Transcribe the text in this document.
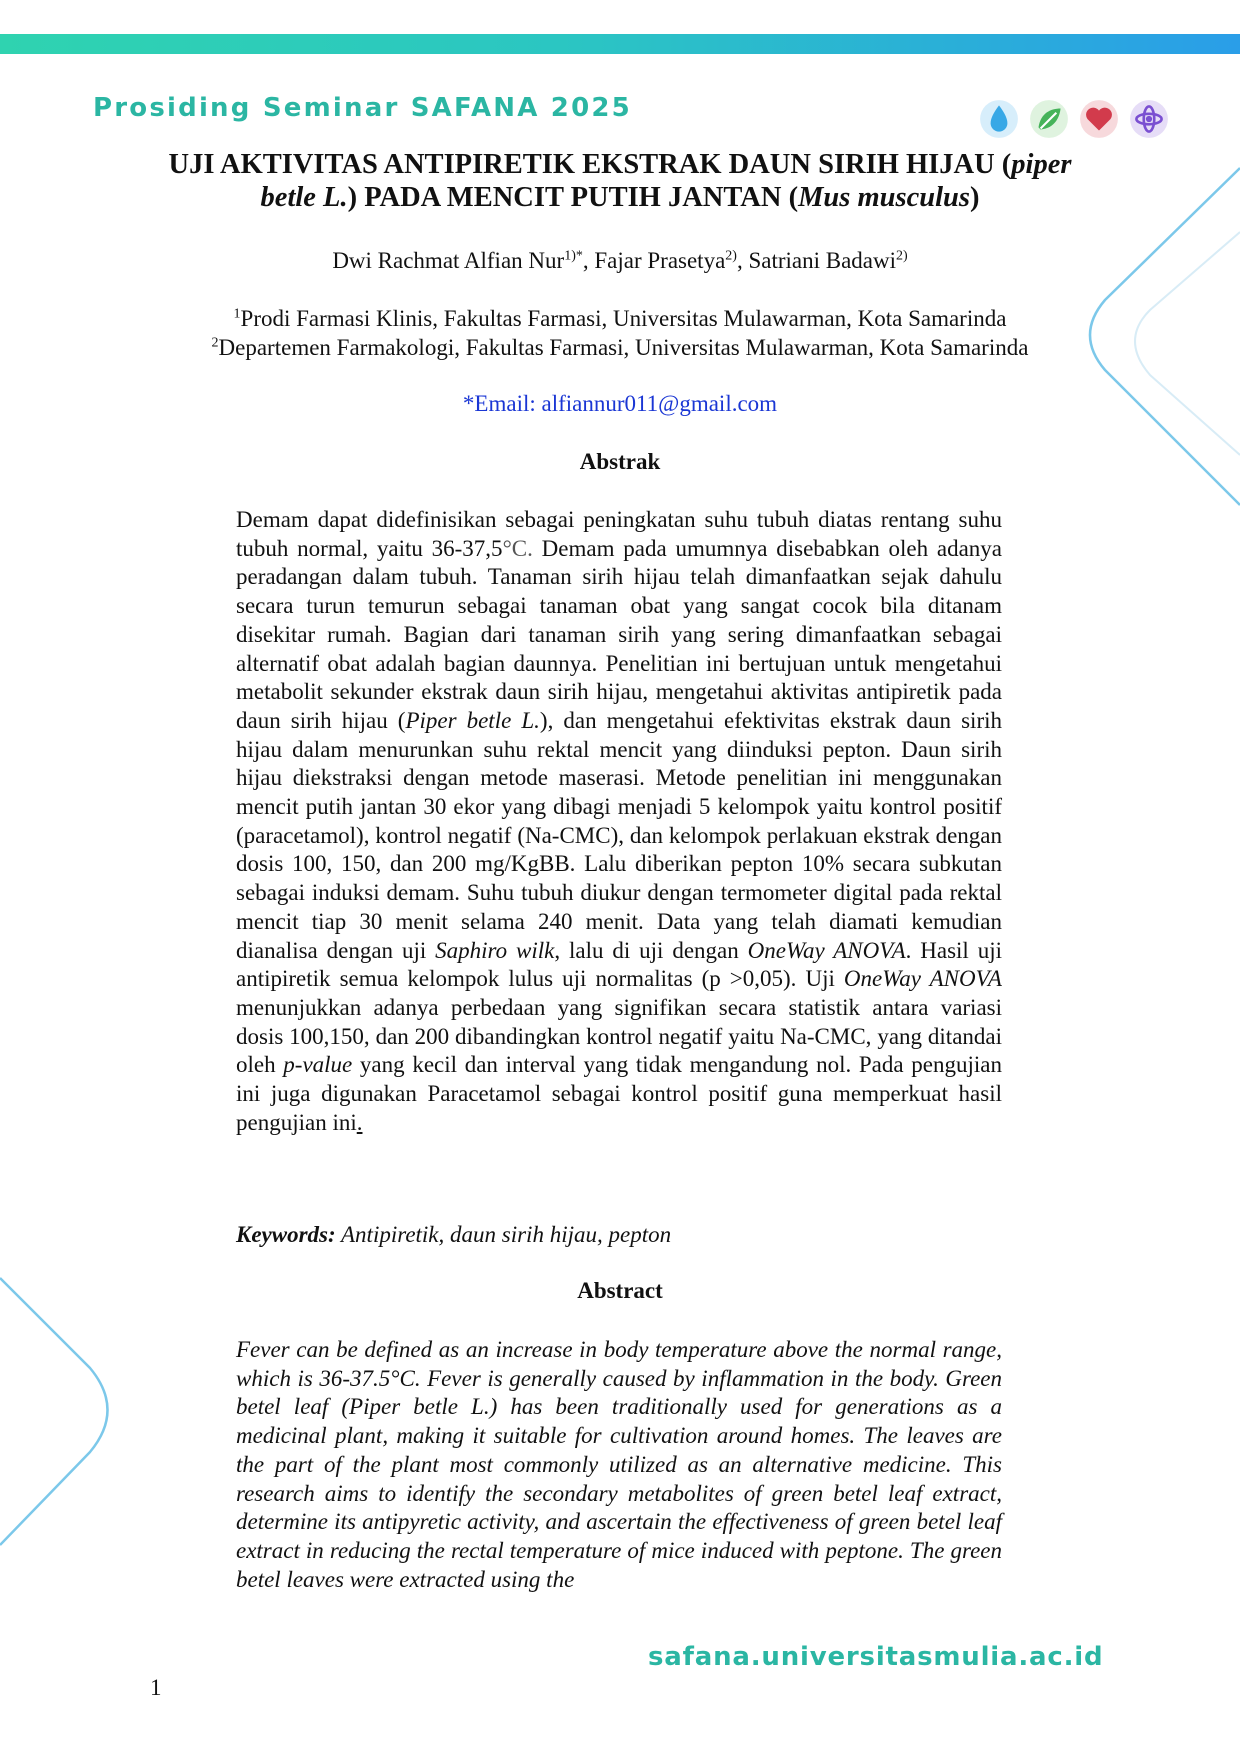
Prosiding Seminar SAFANA 2025
UJI AKTIVITAS ANTIPIRETIK EKSTRAK DAUN SIRIH HIJAU (piper
betle L.) PADA MENCIT PUTIH JANTAN (Mus musculus)
Dwi Rachmat Alfian Nur$^{1)*}$, Fajar Prasetya$^{2)}$, Satriani Badawi$^{2)}$
$^1$Prodi Farmasi Klinis, Fakultas Farmasi, Universitas Mulawarman, Kota Samarinda
$^2$Departemen Farmakologi, Fakultas Farmasi, Universitas Mulawarman, Kota Samarinda
*Email: alfiannur011@gmail.com
Abstrak
Demam dapat didefinisikan sebagai peningkatan suhu tubuh diatas rentang suhu tubuh normal, yaitu 36-37,5°C. Demam pada umumnya disebabkan oleh adanya peradangan dalam tubuh. Tanaman sirih hijau telah dimanfaatkan sejak dahulu secara turun temurun sebagai tanaman obat yang sangat cocok bila ditanam disekitar rumah. Bagian dari tanaman sirih yang sering dimanfaatkan sebagai alternatif obat adalah bagian daunnya. Penelitian ini bertujuan untuk mengetahui metabolit sekunder ekstrak daun sirih hijau, mengetahui aktivitas antipiretik pada daun sirih hijau (Piper betle L.), dan mengetahui efektivitas ekstrak daun sirih hijau dalam menurunkan suhu rektal mencit yang diinduksi pepton. Daun sirih hijau diekstraksi dengan metode maserasi. Metode penelitian ini menggunakan mencit putih jantan 30 ekor yang dibagi menjadi 5 kelompok yaitu kontrol positif (paracetamol), kontrol negatif (Na-CMC), dan kelompok perlakuan ekstrak dengan dosis 100, 150, dan 200 mg/KgBB. Lalu diberikan pepton 10% secara subkutan sebagai induksi demam. Suhu tubuh diukur dengan termometer digital pada rektal mencit tiap 30 menit selama 240 menit. Data yang telah diamati kemudian dianalisa dengan uji Saphiro wilk, lalu di uji dengan OneWay ANOVA. Hasil uji antipiretik semua kelompok lulus uji normalitas (p >0,05). Uji OneWay ANOVA menunjukkan adanya perbedaan yang signifikan secara statistik antara variasi dosis 100,150, dan 200 dibandingkan kontrol negatif yaitu Na-CMC, yang ditandai oleh p-value yang kecil dan interval yang tidak mengandung nol. Pada pengujian ini juga digunakan Paracetamol sebagai kontrol positif guna memperkuat hasil pengujian ini.
Keywords: Antipiretik, daun sirih hijau, pepton
Abstract
Fever can be defined as an increase in body temperature above the normal range, which is 36-37.5°C. Fever is generally caused by inflammation in the body. Green betel leaf (Piper betle L.) has been traditionally used for generations as a medicinal plant, making it suitable for cultivation around homes. The leaves are the part of the plant most commonly utilized as an alternative medicine. This research aims to identify the secondary metabolites of green betel leaf extract, determine its antipyretic activity, and ascertain the effectiveness of green betel leaf extract in reducing the rectal temperature of mice induced with peptone. The green betel leaves were extracted using the
safana.universitasmulia.ac.id
1
